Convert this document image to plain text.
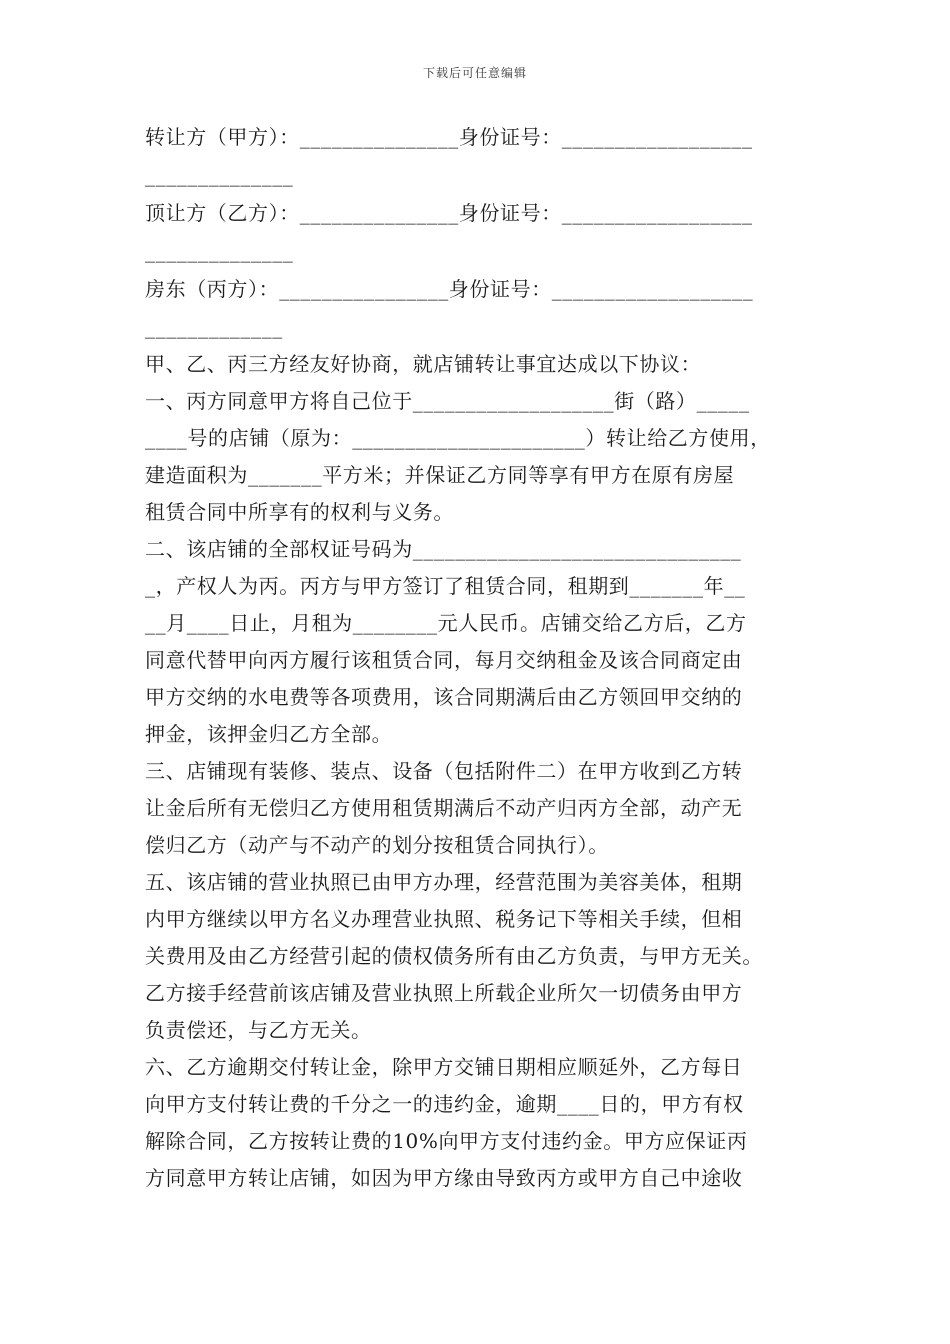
下载后可任意编辑
转让方（甲方）：_______________身份证号：__________________
______________
顶让方（乙方）：_______________身份证号：__________________
______________
房东（丙方）：________________身份证号：___________________
_____________
甲、乙、丙三方经友好协商，就店铺转让事宜达成以下协议：
一、丙方同意甲方将自己位于___________________街（路）_____
____号的店铺（原为：______________________）转让给乙方使用，
建造面积为_______平方米；并保证乙方同等享有甲方在原有房屋
租赁合同中所享有的权利与义务。
二、该店铺的全部权证号码为_______________________________
_，产权人为丙。丙方与甲方签订了租赁合同，租期到_______年__
__月____日止，月租为________元人民币。店铺交给乙方后，乙方
同意代替甲向丙方履行该租赁合同，每月交纳租金及该合同商定由
甲方交纳的水电费等各项费用，该合同期满后由乙方领回甲交纳的
押金，该押金归乙方全部。
三、店铺现有装修、装点、设备（包括附件二）在甲方收到乙方转
让金后所有无偿归乙方使用租赁期满后不动产归丙方全部，动产无
偿归乙方（动产与不动产的划分按租赁合同执行）。
五、该店铺的营业执照已由甲方办理，经营范围为美容美体，租期
内甲方继续以甲方名义办理营业执照、税务记下等相关手续，但相
关费用及由乙方经营引起的债权债务所有由乙方负责，与甲方无关。
乙方接手经营前该店铺及营业执照上所载企业所欠一切债务由甲方
负责偿还，与乙方无关。
六、乙方逾期交付转让金，除甲方交铺日期相应顺延外，乙方每日
向甲方支付转让费的千分之一的违约金，逾期____日的，甲方有权
解除合同，乙方按转让费的10%向甲方支付违约金。甲方应保证丙
方同意甲方转让店铺，如因为甲方缘由导致丙方或甲方自己中途收
